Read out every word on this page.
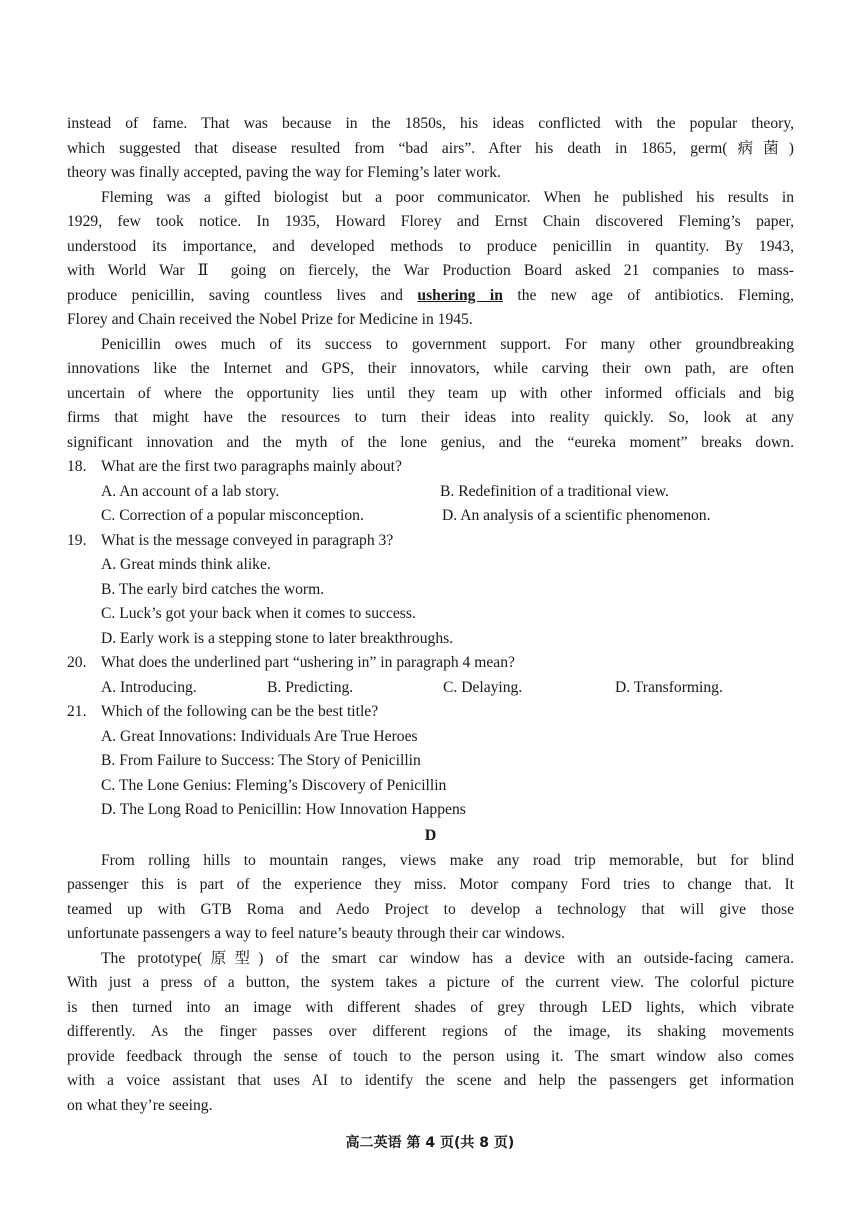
instead of fame. That was because in the 1850s, his ideas conflicted with the popular theory,
which suggested that disease resulted from “bad airs”. After his death in 1865, germ(病菌)
theory was finally accepted, paving the way for Fleming’s later work.
Fleming was a gifted biologist but a poor communicator. When he published his results in
1929, few took notice. In 1935, Howard Florey and Ernst Chain discovered Fleming’s paper,
understood its importance, and developed methods to produce penicillin in quantity. By 1943,
with World War Ⅱ going on fiercely, the War Production Board asked 21 companies to mass-
produce penicillin, saving countless lives and ushering in the new age of antibiotics. Fleming,
Florey and Chain received the Nobel Prize for Medicine in 1945.
Penicillin owes much of its success to government support. For many other groundbreaking
innovations like the Internet and GPS, their innovators, while carving their own path, are often
uncertain of where the opportunity lies until they team up with other informed officials and big
firms that might have the resources to turn their ideas into reality quickly. So, look at any
significant innovation and the myth of the lone genius, and the “eureka moment” breaks down.
18. What are the first two paragraphs mainly about?
A. An account of a lab story.	B. Redefinition of a traditional view.
C. Correction of a popular misconception.	D. An analysis of a scientific phenomenon.
19. What is the message conveyed in paragraph 3?
A. Great minds think alike.
B. The early bird catches the worm.
C. Luck’s got your back when it comes to success.
D. Early work is a stepping stone to later breakthroughs.
20. What does the underlined part “ushering in” in paragraph 4 mean?
A. Introducing.	B. Predicting.	C. Delaying.	D. Transforming.
21. Which of the following can be the best title?
A. Great Innovations: Individuals Are True Heroes
B. From Failure to Success: The Story of Penicillin
C. The Lone Genius: Fleming’s Discovery of Penicillin
D. The Long Road to Penicillin: How Innovation Happens
D
From rolling hills to mountain ranges, views make any road trip memorable, but for blind
passenger this is part of the experience they miss. Motor company Ford tries to change that. It
teamed up with GTB Roma and Aedo Project to develop a technology that will give those
unfortunate passengers a way to feel nature’s beauty through their car windows.
The prototype(原型) of the smart car window has a device with an outside-facing camera.
With just a press of a button, the system takes a picture of the current view. The colorful picture
is then turned into an image with different shades of grey through LED lights, which vibrate
differently. As the finger passes over different regions of the image, its shaking movements
provide feedback through the sense of touch to the person using it. The smart window also comes
with a voice assistant that uses AI to identify the scene and help the passengers get information
on what they’re seeing.
高二英语 第 4 页(共 8 页)
